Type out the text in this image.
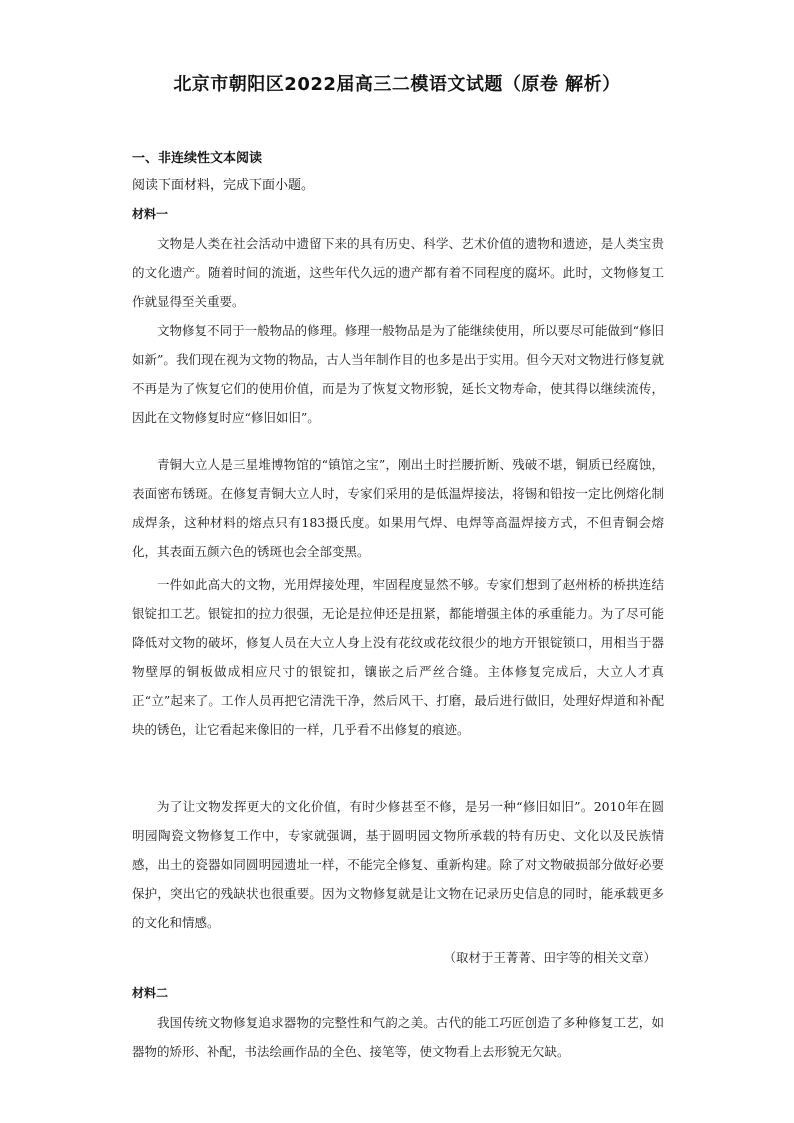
北京市朝阳区2022届高三二模语文试题（原卷 解析）
一、非连续性文本阅读
阅读下面材料，完成下面小题。
材料一

文物是人类在社会活动中遗留下来的具有历史、科学、艺术价值的遗物和遗迹，是人类宝贵的文化遗产。随着时间的流逝，这些年代久远的遗产都有着不同程度的腐坏。此时，文物修复工作就显得至关重要。

文物修复不同于一般物品的修理。修理一般物品是为了能继续使用，所以要尽可能做到“修旧如新”。我们现在视为文物的物品，古人当年制作目的也多是出于实用。但今天对文物进行修复就不再是为了恢复它们的使用价值，而是为了恢复文物形貌，延长文物寿命，使其得以继续流传，因此在文物修复时应“修旧如旧”。

青铜大立人是三星堆博物馆的“镇馆之宝”，刚出土时拦腰折断、残破不堪，铜质已经腐蚀，表面密布锈斑。在修复青铜大立人时，专家们采用的是低温焊接法，将锡和铅按一定比例熔化制成焊条，这种材料的熔点只有183摄氏度。如果用气焊、电焊等高温焊接方式，不但青铜会熔化，其表面五颜六色的锈斑也会全部变黑。

一件如此高大的文物，光用焊接处理，牢固程度显然不够。专家们想到了赵州桥的桥拱连结银锭扣工艺。银锭扣的拉力很强，无论是拉伸还是扭紧，都能增强主体的承重能力。为了尽可能降低对文物的破坏，修复人员在大立人身上没有花纹或花纹很少的地方开银锭锁口，用相当于器物壁厚的铜板做成相应尺寸的银锭扣，镶嵌之后严丝合缝。主体修复完成后，大立人才真正“立”起来了。工作人员再把它清洗干净，然后风干、打磨，最后进行做旧，处理好焊道和补配块的锈色，让它看起来像旧的一样，几乎看不出修复的痕迹。

为了让文物发挥更大的文化价值，有时少修甚至不修，是另一种“修旧如旧”。2010年在圆明园陶瓷文物修复工作中，专家就强调，基于圆明园文物所承载的特有历史、文化以及民族情感，出土的瓷器如同圆明园遗址一样，不能完全修复、重新构建。除了对文物破损部分做好必要保护，突出它的残缺状也很重要。因为文物修复就是让文物在记录历史信息的同时，能承载更多的文化和情感。

（取材于王菁菁、田宇等的相关文章）
材料二

我国传统文物修复追求器物的完整性和气韵之美。古代的能工巧匠创造了多种修复工艺，如器物的矫形、补配，书法绘画作品的全色、接笔等，使文物看上去形貌无欠缺。
